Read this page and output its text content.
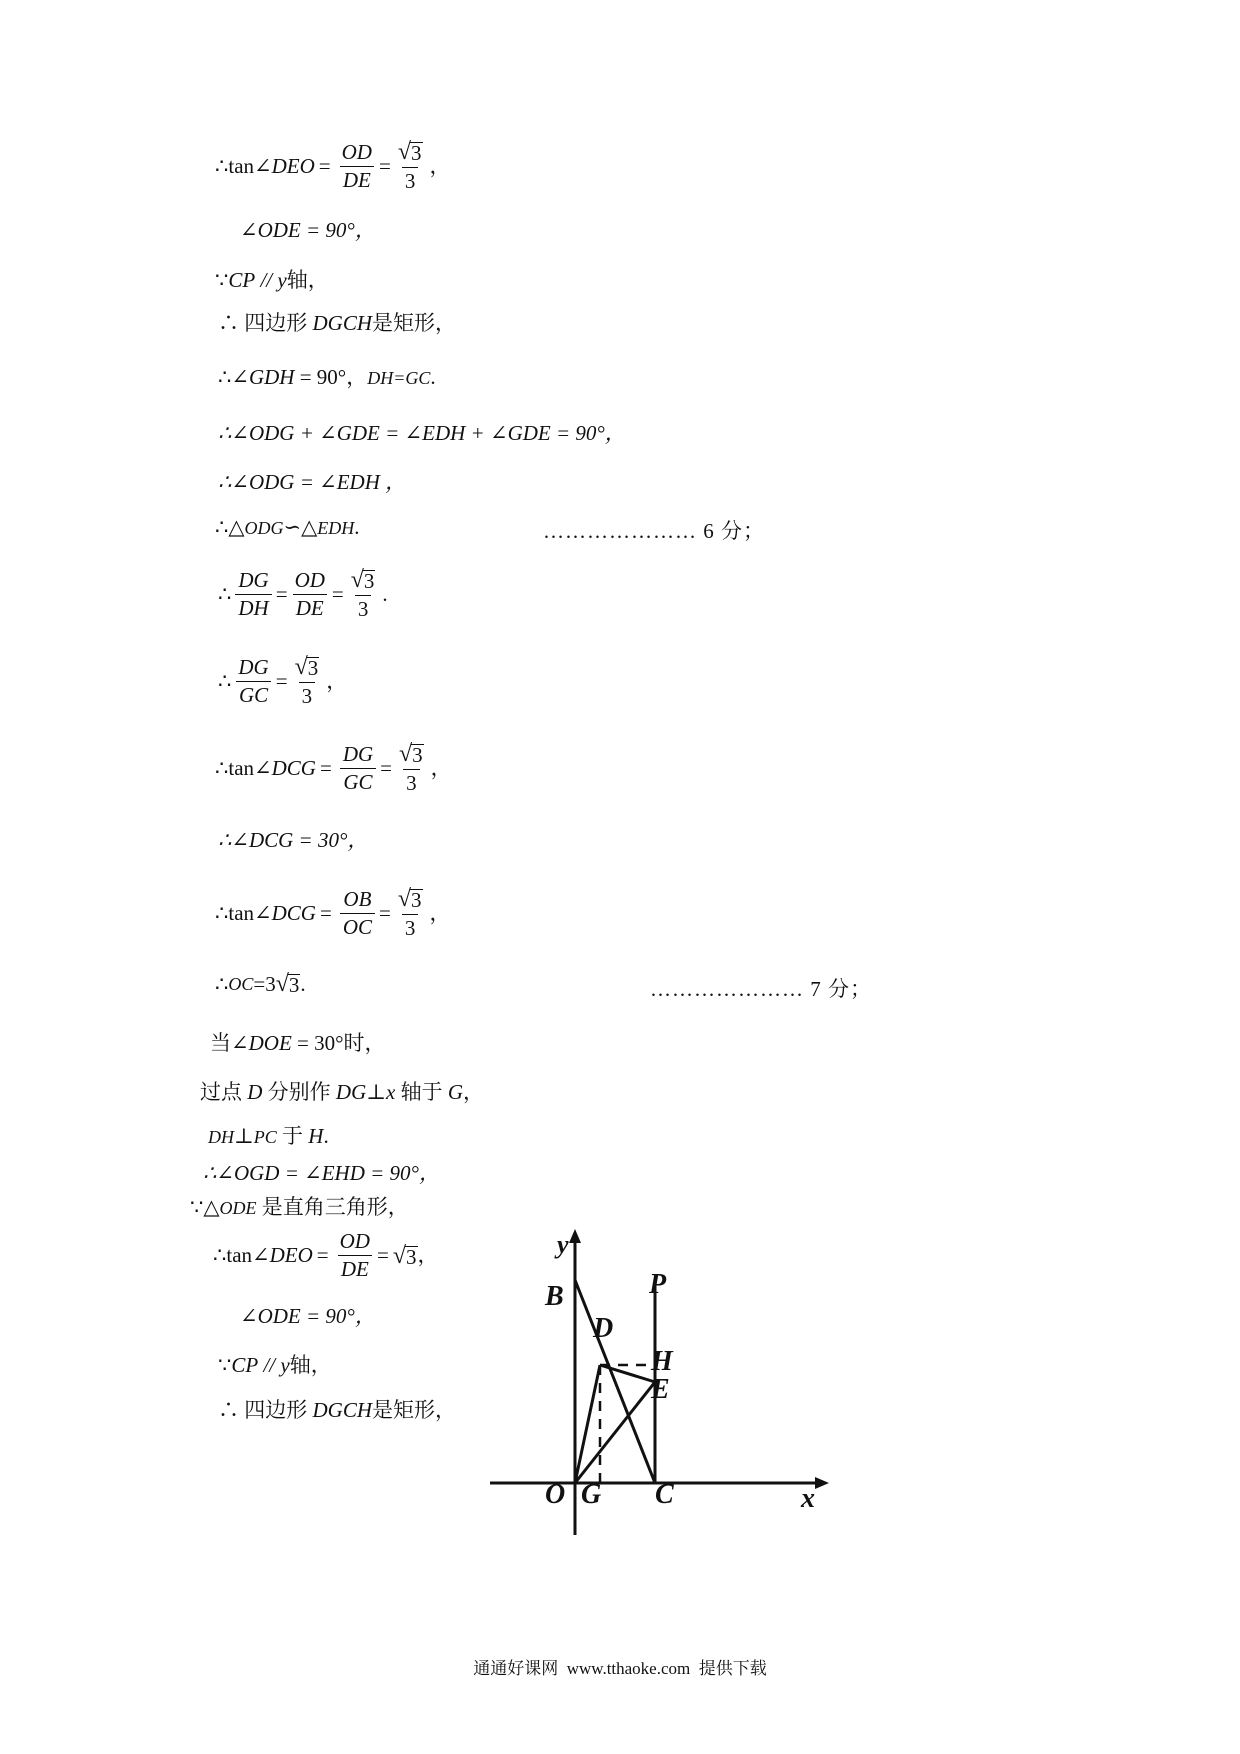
∴tan∠ DEO = $\frac{OD}{DE} = \frac{√ 3}{3}$ ，
∠ODE = 90°，
∵ CP // y 轴，
∴ 四边形 DGCH 是矩形，
∴∠ GDH = 90°， DH=GC .
∴∠ODG + ∠GDE = ∠EDH + ∠GDE = 90°，
∴∠ODG = ∠EDH ，
∴△ ODG ∽ △ EDH .	………………… 6 分；
∴ $\frac{DG}{DH} = \frac{OD}{DE} = \frac{√ 3}{3}$ .
∴ $\frac{DG}{GC} = \frac{√ 3}{3}$ ，
∴tan∠ DCG = $\frac{DG}{GC} = \frac{√ 3}{3}$ ，
∴∠DCG = 30°，
∴tan∠ DCG = $\frac{OB}{OC} = \frac{√ 3}{3}$ ，
∴ OC =3 √ 3 .	………………… 7 分；
当∠ DOE = 30°时，
过点 D 分别作 DG ⊥ x 轴于 G ，
DH ⊥ PC 于 H .
∴∠OGD = ∠EHD = 90°，
∵△ ODE 是直角三角形，
∴tan∠ DEO = $\frac{OD}{DE}$ = √ 3 ，
∠ODE = 90°，
∵ CP // y 轴，
∴ 四边形 DGCH 是矩形，
y
B	P
D
H
E
O G C	x
通通好课网  www.tthaoke.com  提供下载
